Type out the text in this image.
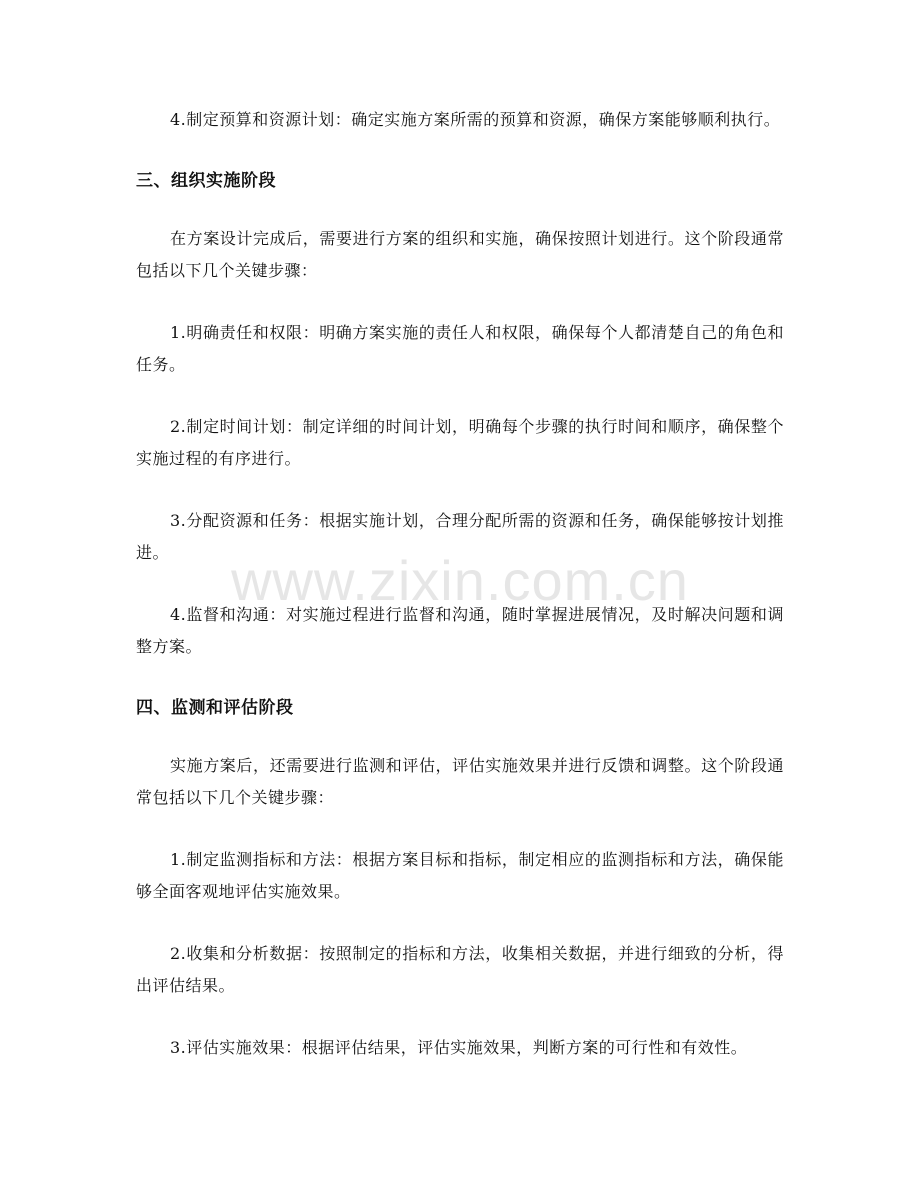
4.制定预算和资源计划：确定实施方案所需的预算和资源，确保方案能够顺利执行。

三、组织实施阶段

在方案设计完成后，需要进行方案的组织和实施，确保按照计划进行。这个阶段通常包括以下几个关键步骤：

1.明确责任和权限：明确方案实施的责任人和权限，确保每个人都清楚自己的角色和任务。

2.制定时间计划：制定详细的时间计划，明确每个步骤的执行时间和顺序，确保整个实施过程的有序进行。

3.分配资源和任务：根据实施计划，合理分配所需的资源和任务，确保能够按计划推进。

4.监督和沟通：对实施过程进行监督和沟通，随时掌握进展情况，及时解决问题和调整方案。

四、监测和评估阶段

实施方案后，还需要进行监测和评估，评估实施效果并进行反馈和调整。这个阶段通常包括以下几个关键步骤：

1.制定监测指标和方法：根据方案目标和指标，制定相应的监测指标和方法，确保能够全面客观地评估实施效果。

2.收集和分析数据：按照制定的指标和方法，收集相关数据，并进行细致的分析，得出评估结果。

3.评估实施效果：根据评估结果，评估实施效果，判断方案的可行性和有效性。

www.zixin.com.cn
